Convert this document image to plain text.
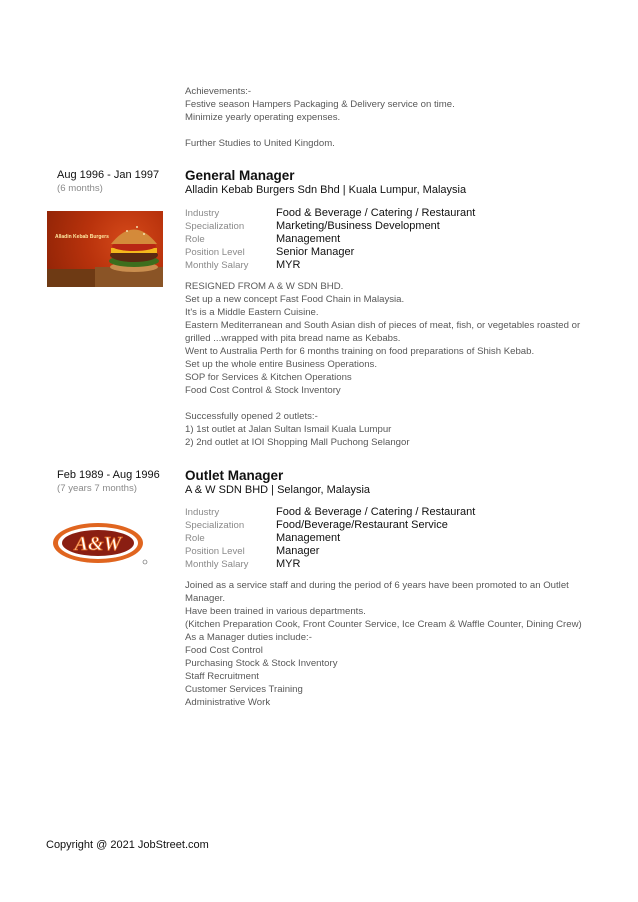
Achievements:-
Festive season Hampers Packaging & Delivery service on time.
Minimize yearly operating expenses.

Further Studies to United Kingdom.
Aug 1996 - Jan 1997
(6 months)
Alladin Kebab Burgers
General Manager
Alladin Kebab Burgers Sdn Bhd | Kuala Lumpur, Malaysia
Industry	Food & Beverage / Catering / Restaurant
Specialization	Marketing/Business Development
Role	Management
Position Level	Senior Manager
Monthly Salary	MYR
RESIGNED FROM A & W SDN BHD.
Set up a new concept Fast Food Chain in Malaysia.
It's is a Middle Eastern Cuisine.
Eastern Mediterranean and South Asian dish of pieces of meat, fish, or vegetables roasted or grilled ...wrapped with pita bread name as Kebabs.
Went to Australia Perth for 6 months training on food preparations of Shish Kebab.
Set up the whole entire Business Operations.
SOP for Services & Kitchen Operations
Food Cost Control & Stock Inventory

Successfully opened 2 outlets:-
1) 1st outlet at Jalan Sultan Ismail Kuala Lumpur
2) 2nd outlet at IOI Shopping Mall Puchong Selangor
Feb 1989 - Aug 1996
(7 years 7 months)
A&W
Outlet Manager
A & W SDN BHD | Selangor, Malaysia
Industry	Food & Beverage / Catering / Restaurant
Specialization	Food/Beverage/Restaurant Service
Role	Management
Position Level	Manager
Monthly Salary	MYR
Joined as a service staff and during the period of 6 years have been promoted to an Outlet Manager.
Have been trained in various departments.
(Kitchen Preparation Cook, Front Counter Service, Ice Cream & Waffle Counter, Dining Crew)
As a Manager duties include:-
Food Cost Control
Purchasing Stock & Stock Inventory
Staff Recruitment
Customer Services Training
Administrative Work
Copyright @ 2021 JobStreet.com
